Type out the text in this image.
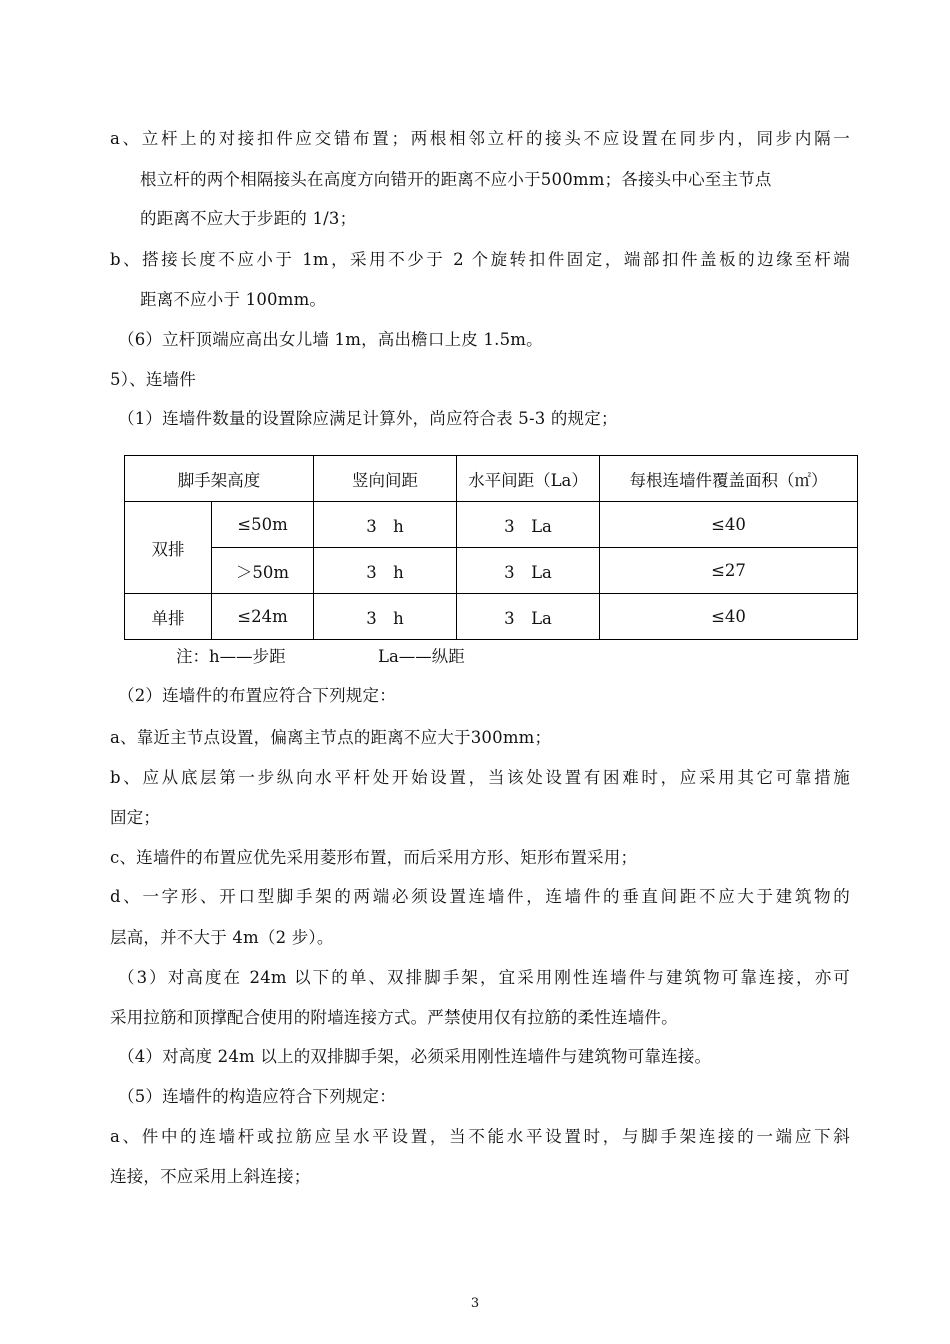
a、立杆上的对接扣件应交错布置；两根相邻立杆的接头不应设置在同步内，同步内隔一
根立杆的两个相隔接头在高度方向错开的距离不应小于500mm；各接头中心至主节点
的距离不应大于步距的 1/3；
b、搭接长度不应小于 1m，采用不少于 2 个旋转扣件固定，端部扣件盖板的边缘至杆端
距离不应小于 100mm。
（6）立杆顶端应高出女儿墙 1m，高出檐口上皮 1.5m。
5）、连墙件
（1）连墙件数量的设置除应满足计算外，尚应符合表 5-3 的规定；
脚手架高度		竖向间距	水平间距（La）	每根连墙件覆盖面积（㎡）
双排	≤50m	3　h	3　La	≤40
	＞50m	3　h	3　La	≤27
单排	≤24m	3　h	3　La	≤40
注：h——步距	La——纵距
（2）连墙件的布置应符合下列规定：
a、靠近主节点设置，偏离主节点的距离不应大于300mm；
b、应从底层第一步纵向水平杆处开始设置，当该处设置有困难时，应采用其它可靠措施
固定；
c、连墙件的布置应优先采用菱形布置，而后采用方形、矩形布置采用；
d、一字形、开口型脚手架的两端必须设置连墙件，连墙件的垂直间距不应大于建筑物的
层高，并不大于 4m（2 步）。
（3）对高度在 24m 以下的单、双排脚手架，宜采用刚性连墙件与建筑物可靠连接，亦可
采用拉筋和顶撑配合使用的附墙连接方式。严禁使用仅有拉筋的柔性连墙件。
（4）对高度 24m 以上的双排脚手架，必须采用刚性连墙件与建筑物可靠连接。
（5）连墙件的构造应符合下列规定：
a、件中的连墙杆或拉筋应呈水平设置，当不能水平设置时，与脚手架连接的一端应下斜
连接，不应采用上斜连接；
3
